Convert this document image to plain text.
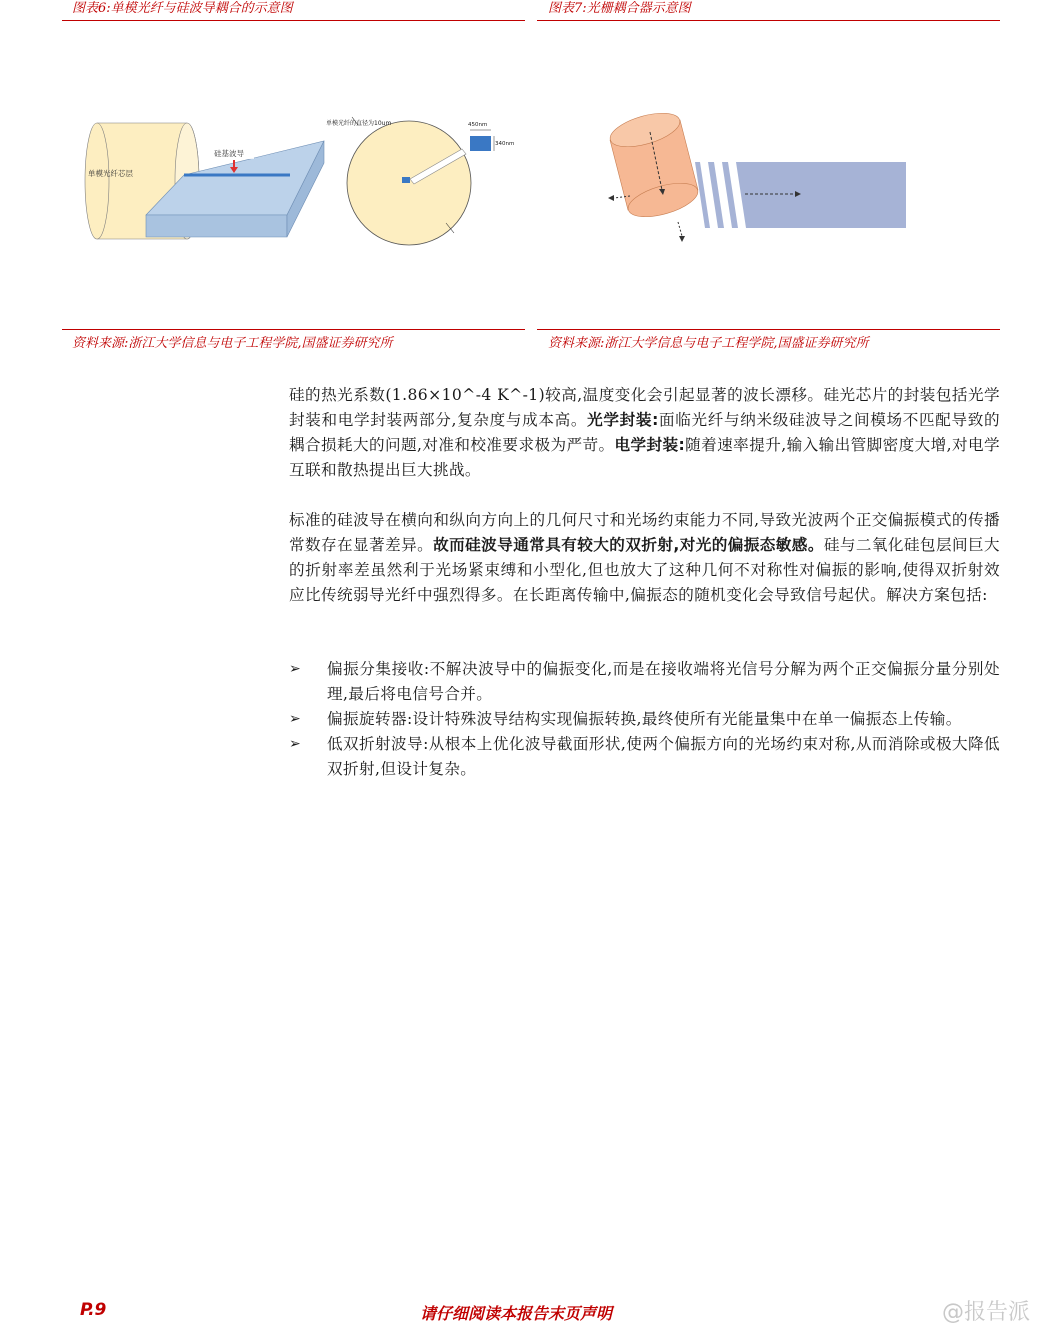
图表6:单模光纤与硅波导耦合的示意图	图表7:光栅耦合器示意图
单模光纤芯层
硅基波导
单模光纤的直径为10um	450nm
340nm
资料来源:浙江大学信息与电子工程学院,国盛证券研究所	资料来源:浙江大学信息与电子工程学院,国盛证券研究所
硅的热光系数(1.86×10^-4 K^-1)较高,温度变化会引起显著的波长漂移。硅光芯片的封装包括光学封装和电学封装两部分,复杂度与成本高。光学封装:面临光纤与纳米级硅波导之间模场不匹配导致的耦合损耗大的问题,对准和校准要求极为严苛。电学封装:随着速率提升,输入输出管脚密度大增,对电学互联和散热提出巨大挑战。
标准的硅波导在横向和纵向方向上的几何尺寸和光场约束能力不同,导致光波两个正交偏振模式的传播常数存在显著差异。故而硅波导通常具有较大的双折射,对光的偏振态敏感。硅与二氧化硅包层间巨大的折射率差虽然利于光场紧束缚和小型化,但也放大了这种几何不对称性对偏振的影响,使得双折射效应比传统弱导光纤中强烈得多。在长距离传输中,偏振态的随机变化会导致信号起伏。解决方案包括:
➢ 偏振分集接收:不解决波导中的偏振变化,而是在接收端将光信号分解为两个正交偏振分量分别处理,最后将电信号合并。
➢ 偏振旋转器:设计特殊波导结构实现偏振转换,最终使所有光能量集中在单一偏振态上传输。
➢ 低双折射波导:从根本上优化波导截面形状,使两个偏振方向的光场约束对称,从而消除或极大降低双折射,但设计复杂。
P.9	请仔细阅读本报告末页声明	@报告派
